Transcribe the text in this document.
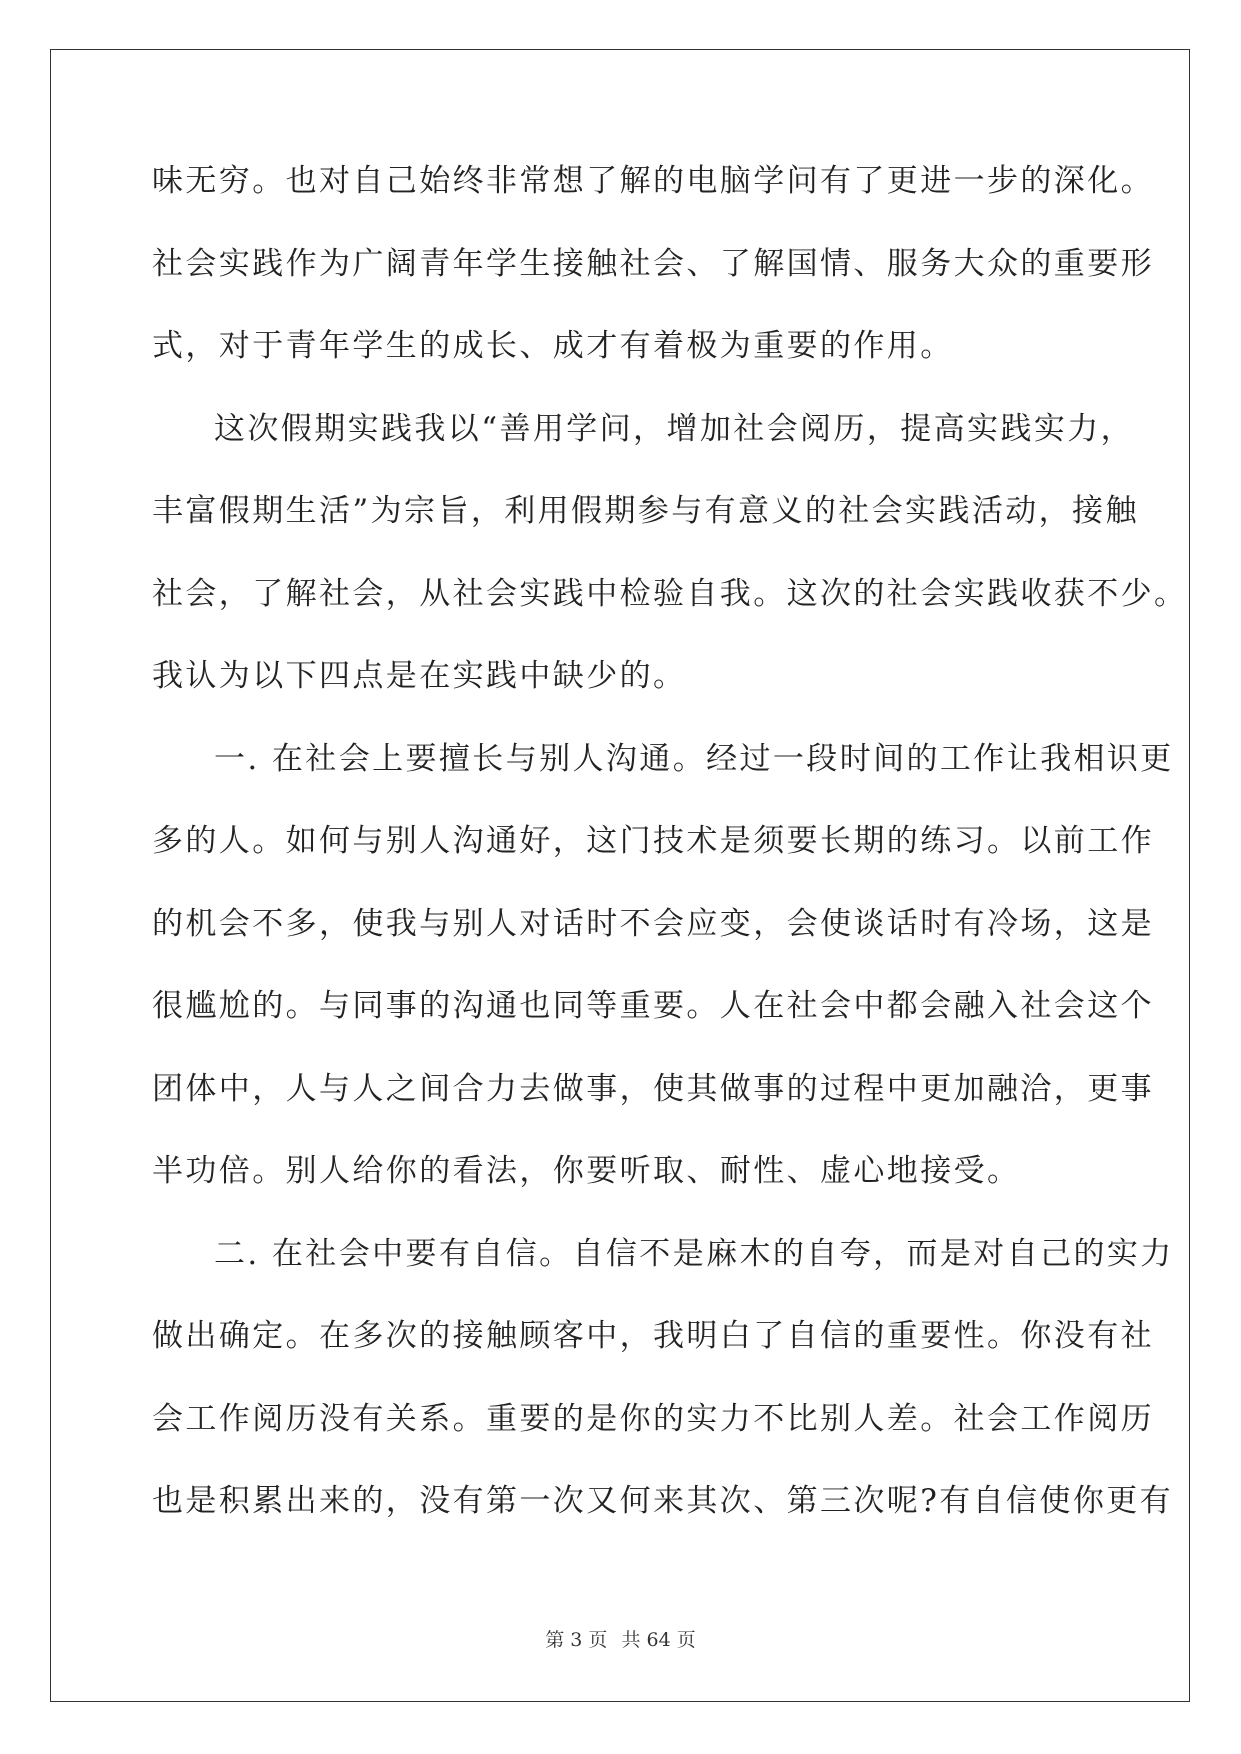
味无穷。也对自己始终非常想了解的电脑学问有了更进一步的深化。
社会实践作为广阔青年学生接触社会、了解国情、服务大众的重要形
式，对于青年学生的成长、成才有着极为重要的作用。
这次假期实践我以“善用学问，增加社会阅历，提高实践实力，
丰富假期生活”为宗旨，利用假期参与有意义的社会实践活动，接触
社会，了解社会，从社会实践中检验自我。这次的社会实践收获不少。
我认为以下四点是在实践中缺少的。
一. 在社会上要擅长与别人沟通。经过一段时间的工作让我相识更
多的人。如何与别人沟通好，这门技术是须要长期的练习。以前工作
的机会不多，使我与别人对话时不会应变，会使谈话时有冷场，这是
很尴尬的。与同事的沟通也同等重要。人在社会中都会融入社会这个
团体中，人与人之间合力去做事，使其做事的过程中更加融洽，更事
半功倍。别人给你的看法，你要听取、耐性、虚心地接受。
二. 在社会中要有自信。自信不是麻木的自夸，而是对自己的实力
做出确定。在多次的接触顾客中，我明白了自信的重要性。你没有社
会工作阅历没有关系。重要的是你的实力不比别人差。社会工作阅历
也是积累出来的，没有第一次又何来其次、第三次呢?有自信使你更有
第 3 页 共 64 页
